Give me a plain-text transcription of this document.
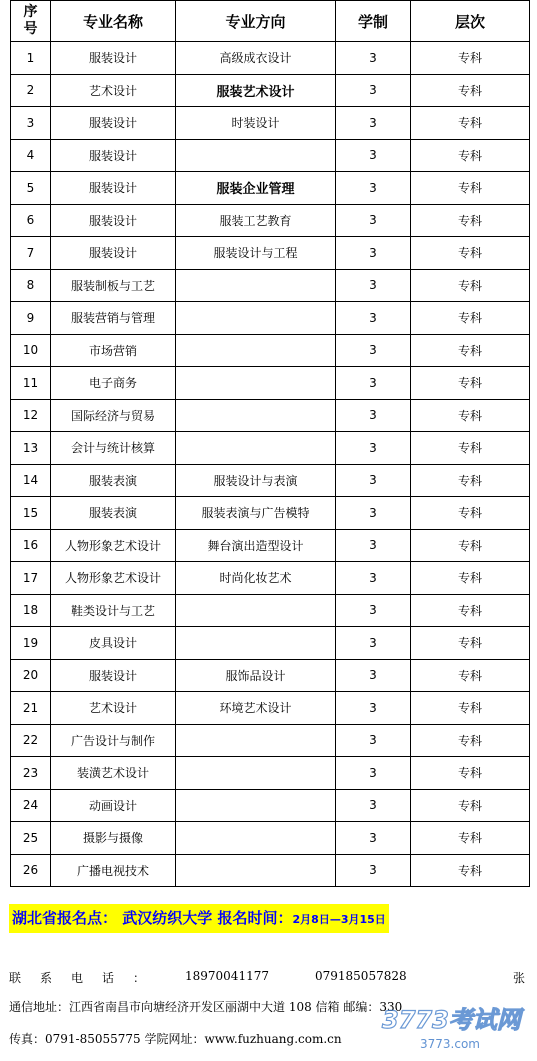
序
号	专业名称	专业方向	学制	层次
1	服装设计	高级成衣设计	3	专科
2	艺术设计	服装艺术设计	3	专科
3	服装设计	时装设计	3	专科
4	服装设计		3	专科
5	服装设计	服装企业管理	3	专科
6	服装设计	服装工艺教育	3	专科
7	服装设计	服装设计与工程	3	专科
8	服装制板与工艺		3	专科
9	服装营销与管理		3	专科
10	市场营销		3	专科
11	电子商务		3	专科
12	国际经济与贸易		3	专科
13	会计与统计核算		3	专科
14	服装表演	服装设计与表演	3	专科
15	服装表演	服装表演与广告模特	3	专科
16	人物形象艺术设计	舞台演出造型设计	3	专科
17	人物形象艺术设计	时尚化妆艺术	3	专科
18	鞋类设计与工艺		3	专科
19	皮具设计		3	专科
20	服装设计	服饰品设计	3	专科
21	艺术设计	环境艺术设计	3	专科
22	广告设计与制作		3	专科
23	装潢艺术设计		3	专科
24	动画设计		3	专科
25	摄影与摄像		3	专科
26	广播电视技术		3	专科
湖北省报名点： 武汉纺织大学 报名时间：2月8日—3月15日
联系电话： 18970041177	079185057828	张
通信地址：江西省南昌市向塘经济开发区丽湖中大道 108 信箱 邮编：330
传真：0791-85055775 学院网址：www.fuzhuang.com.cn
3773考试网
3773.com
